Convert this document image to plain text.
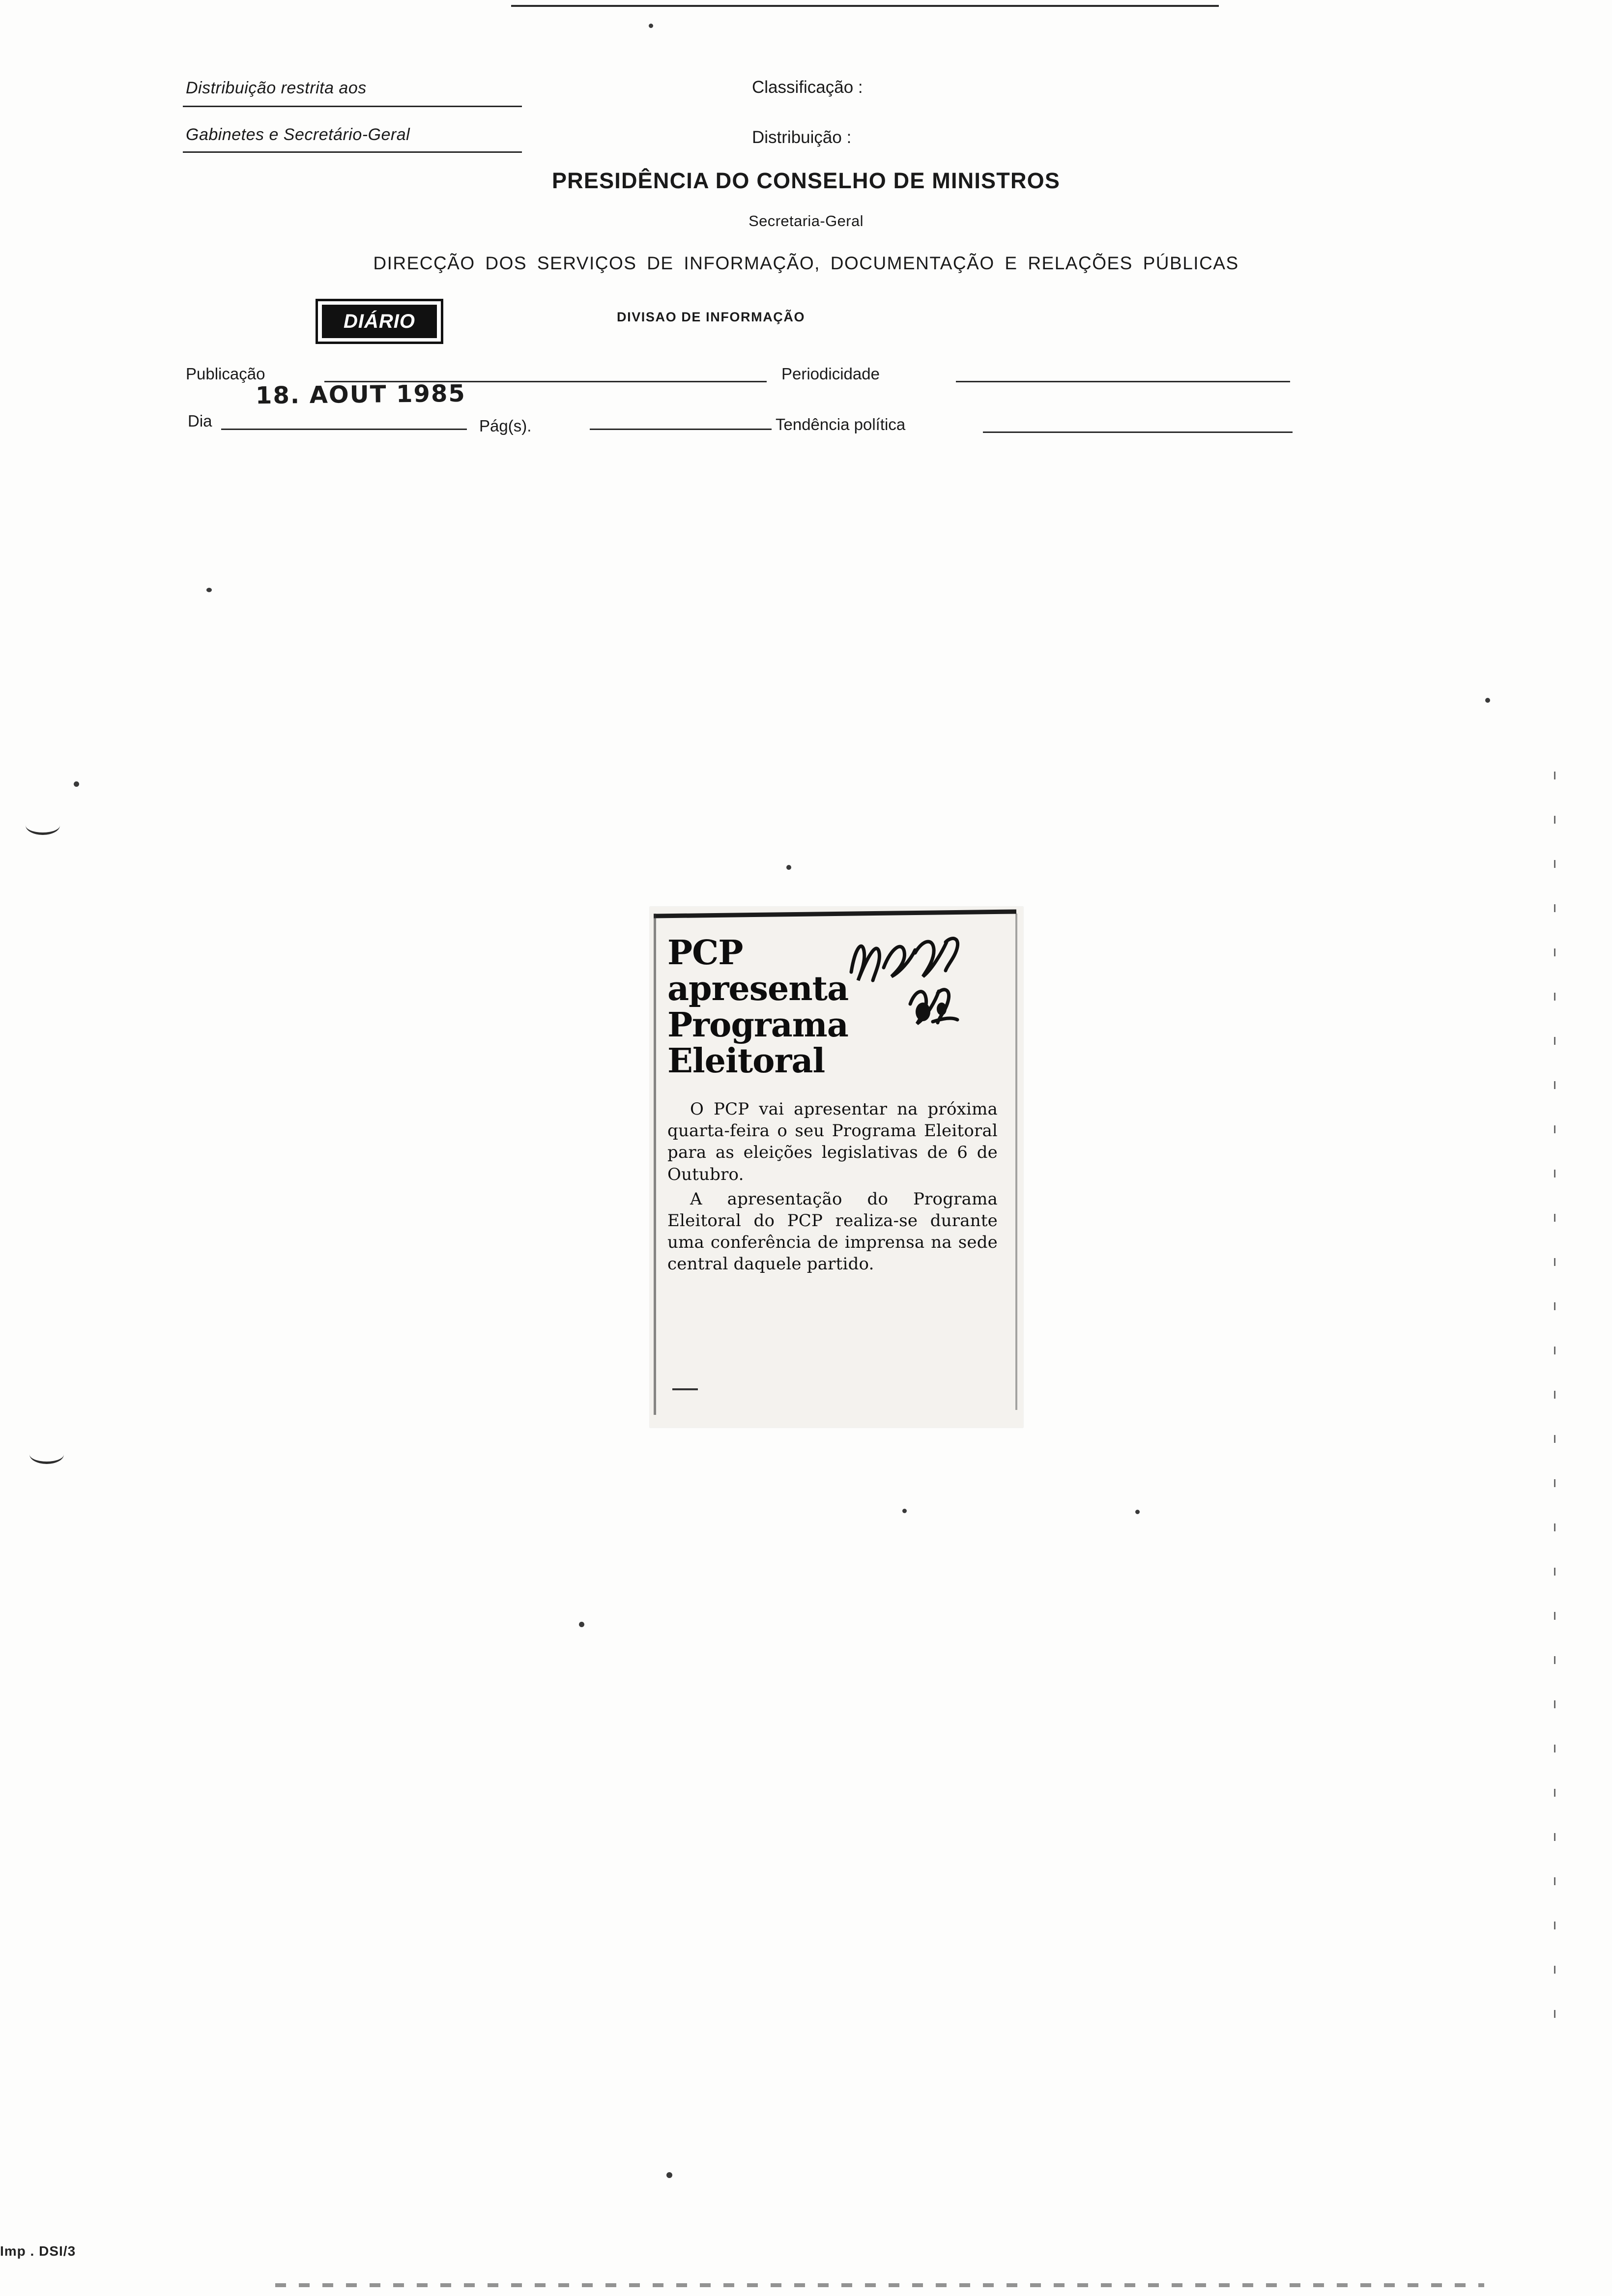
Distribuição restrita aos
Gabinetes e Secretário-Geral
Classificação :
Distribuição :
PRESIDÊNCIA DO CONSELHO DE MINISTROS
Secretaria-Geral
DIRECÇÃO DOS SERVIÇOS DE INFORMAÇÃO, DOCUMENTAÇÃO E RELAÇÕES PÚBLICAS
DIVISAO DE INFORMAÇÃO
DIÁRIO
Publicação	Periodicidade
Dia
18. AOUT 1985
Pág(s).	Tendência política
PCP
apresenta
Programa
Eleitoral

O PCP vai apresentar na próxima quarta-feira o seu Programa Eleitoral para as eleições legislativas de 6 de Outubro.

A apresentação do Programa Eleitoral do PCP realiza-se durante uma conferência de imprensa na sede central daquele partido.

Imp . DSI/3
